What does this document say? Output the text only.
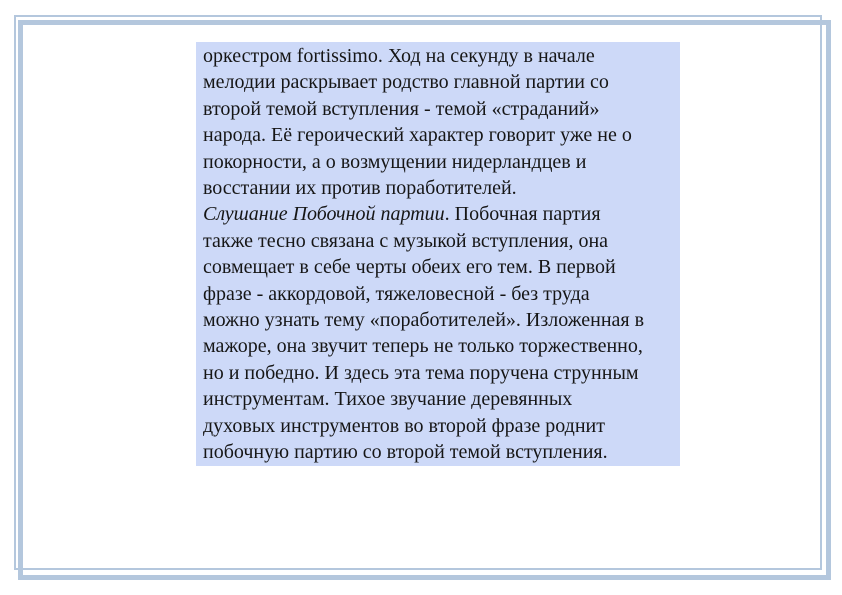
оркестром fortissimo. Ход на секунду в начале
мелодии раскрывает родство главной партии со
второй темой вступления - темой «страданий»
народа. Её героический характер говорит уже не о
покорности, а о возмущении нидерландцев и
восстании их против поработителей.
Слушание Побочной партии. Побочная партия
также тесно связана с музыкой вступления, она
совмещает в себе черты обеих его тем. В первой
фразе - аккордовой, тяжеловесной - без труда
можно узнать тему «поработителей». Изложенная в
мажоре, она звучит теперь не только торжественно,
но и победно. И здесь эта тема поручена струнным
инструментам. Тихое звучание деревянных
духовых инструментов во второй фразе роднит
побочную партию со второй темой вступления.
